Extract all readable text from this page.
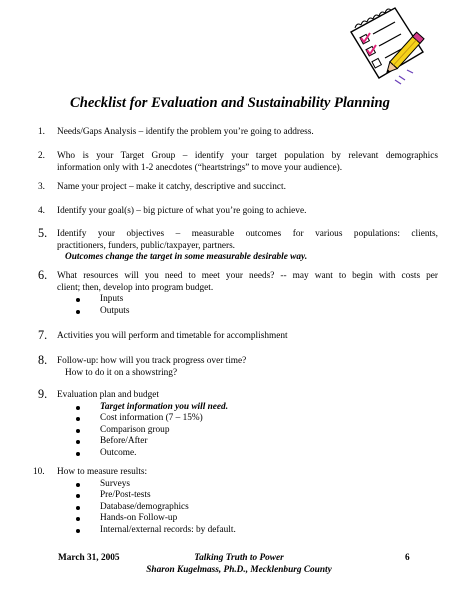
Checklist for Evaluation and Sustainability Planning
1. Needs/Gaps Analysis – identify the problem you’re going to address.
2. Who is your Target Group – identify your target population by relevant demographics
information only with 1-2 anecdotes (“heartstrings” to move your audience).
3. Name your project – make it catchy, descriptive and succinct.
4. Identify your goal(s) – big picture of what you’re going to achieve.
5. Identify your objectives – measurable outcomes for various populations: clients,
practitioners, funders, public/taxpayer, partners.
Outcomes change the target in some measurable desirable way.
6. What resources will you need to meet your needs? -- may want to begin with costs per
client; then, develop into program budget.
Inputs
Outputs
7. Activities you will perform and timetable for accomplishment
8. Follow-up: how will you track progress over time?
How to do it on a showstring?
9. Evaluation plan and budget
Target information you will need.
Cost information (7 – 15%)
Comparison group
Before/After
Outcome.
10. How to measure results:
Surveys
Pre/Post-tests
Database/demographics
Hands-on Follow-up
Internal/external records: by default.
March 31, 2005	Talking Truth to Power
Sharon Kugelmass, Ph.D., Mecklenburg County
6
